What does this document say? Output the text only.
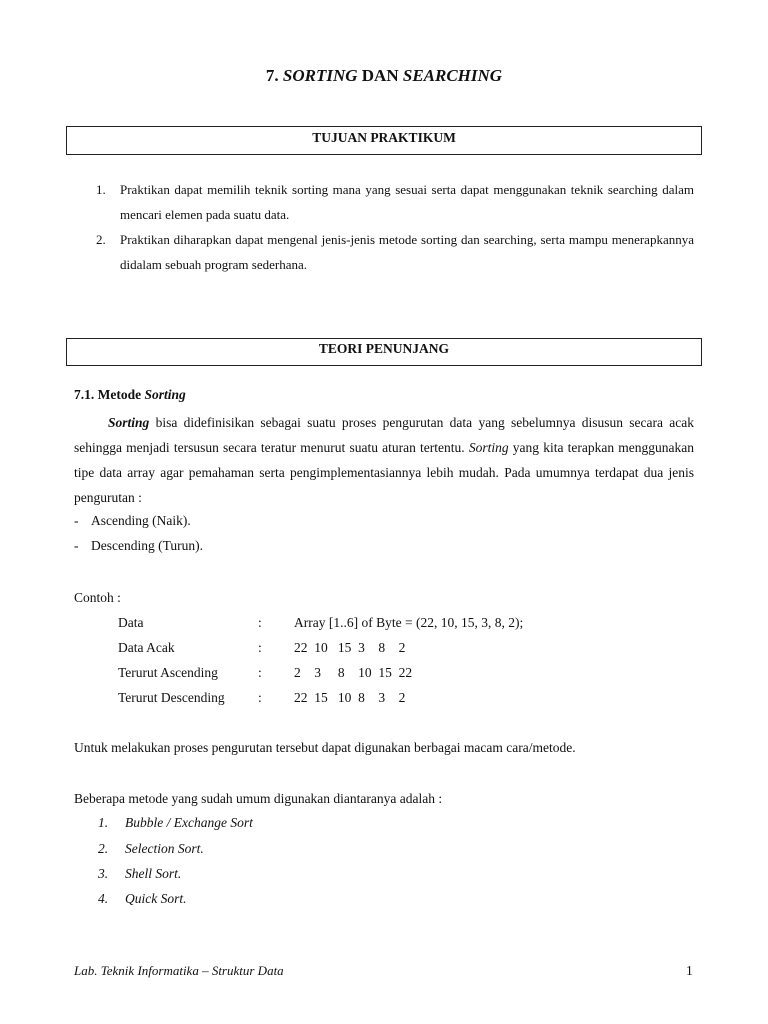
7. SORTING DAN SEARCHING
TUJUAN PRAKTIKUM
1.	Praktikan dapat memilih teknik sorting mana yang sesuai serta dapat menggunakan teknik searching dalam mencari elemen pada suatu data.
2.	Praktikan diharapkan dapat mengenal jenis-jenis metode sorting dan searching, serta mampu menerapkannya didalam sebuah program sederhana.
TEORI PENUNJANG
7.1. Metode Sorting
Sorting bisa didefinisikan sebagai suatu proses pengurutan data yang sebelumnya disusun secara acak sehingga menjadi tersusun secara teratur menurut suatu aturan tertentu. Sorting yang kita terapkan menggunakan tipe data array agar pemahaman serta pengimplementasiannya lebih mudah. Pada umumnya terdapat dua jenis pengurutan :
- Ascending (Naik).
- Descending (Turun).
Contoh :
Data	: Array [1..6] of Byte = (22, 10, 15, 3, 8, 2);
Data Acak	: 22  10   15  3    8    2
Terurut Ascending	: 2    3     8    10  15  22
Terurut Descending : 22  15   10  8    3    2
Untuk melakukan proses pengurutan tersebut dapat digunakan berbagai macam cara/metode.
Beberapa metode yang sudah umum digunakan diantaranya adalah :
1. Bubble / Exchange Sort
2. Selection Sort.
3. Shell Sort.
4. Quick Sort.
Lab. Teknik Informatika – Struktur Data	1
